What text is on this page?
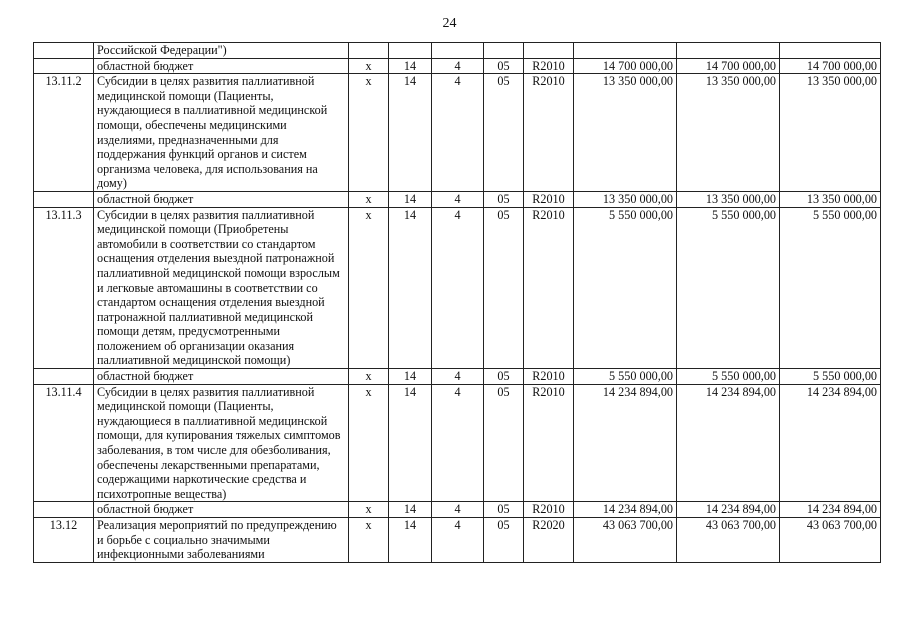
24
	Российской Федерации")								
	областной бюджет	х	14	4	05	R2010	14 700 000,00	14 700 000,00	14 700 000,00
13.11.2	Субсидии в целях развития паллиативной медицинской помощи (Пациенты, нуждающиеся в паллиативной медицинской помощи, обеспечены медицинскими изделиями, предназначенными для поддержания функций органов и систем организма человека, для использования на дому)	х	14	4	05	R2010	13 350 000,00	13 350 000,00	13 350 000,00
	областной бюджет	х	14	4	05	R2010	13 350 000,00	13 350 000,00	13 350 000,00
13.11.3	Субсидии в целях развития паллиативной медицинской помощи (Приобретены автомобили в соответствии со стандартом оснащения отделения выездной патронажной паллиативной медицинской помощи взрослым и легковые автомашины в соответствии со стандартом оснащения отделения выездной патронажной паллиативной медицинской помощи детям, предусмотренными положением об организации оказания паллиативной медицинской помощи)	х	14	4	05	R2010	5 550 000,00	5 550 000,00	5 550 000,00
	областной бюджет	х	14	4	05	R2010	5 550 000,00	5 550 000,00	5 550 000,00
13.11.4	Субсидии в целях развития паллиативной медицинской помощи (Пациенты, нуждающиеся в паллиативной медицинской помощи, для купирования тяжелых симптомов заболевания, в том числе для обезболивания, обеспечены лекарственными препаратами, содержащими наркотические средства и психотропные вещества)	х	14	4	05	R2010	14 234 894,00	14 234 894,00	14 234 894,00
	областной бюджет	х	14	4	05	R2010	14 234 894,00	14 234 894,00	14 234 894,00
13.12	Реализация мероприятий по предупреждению и борьбе с социально значимыми инфекционными заболеваниями	х	14	4	05	R2020	43 063 700,00	43 063 700,00	43 063 700,00
